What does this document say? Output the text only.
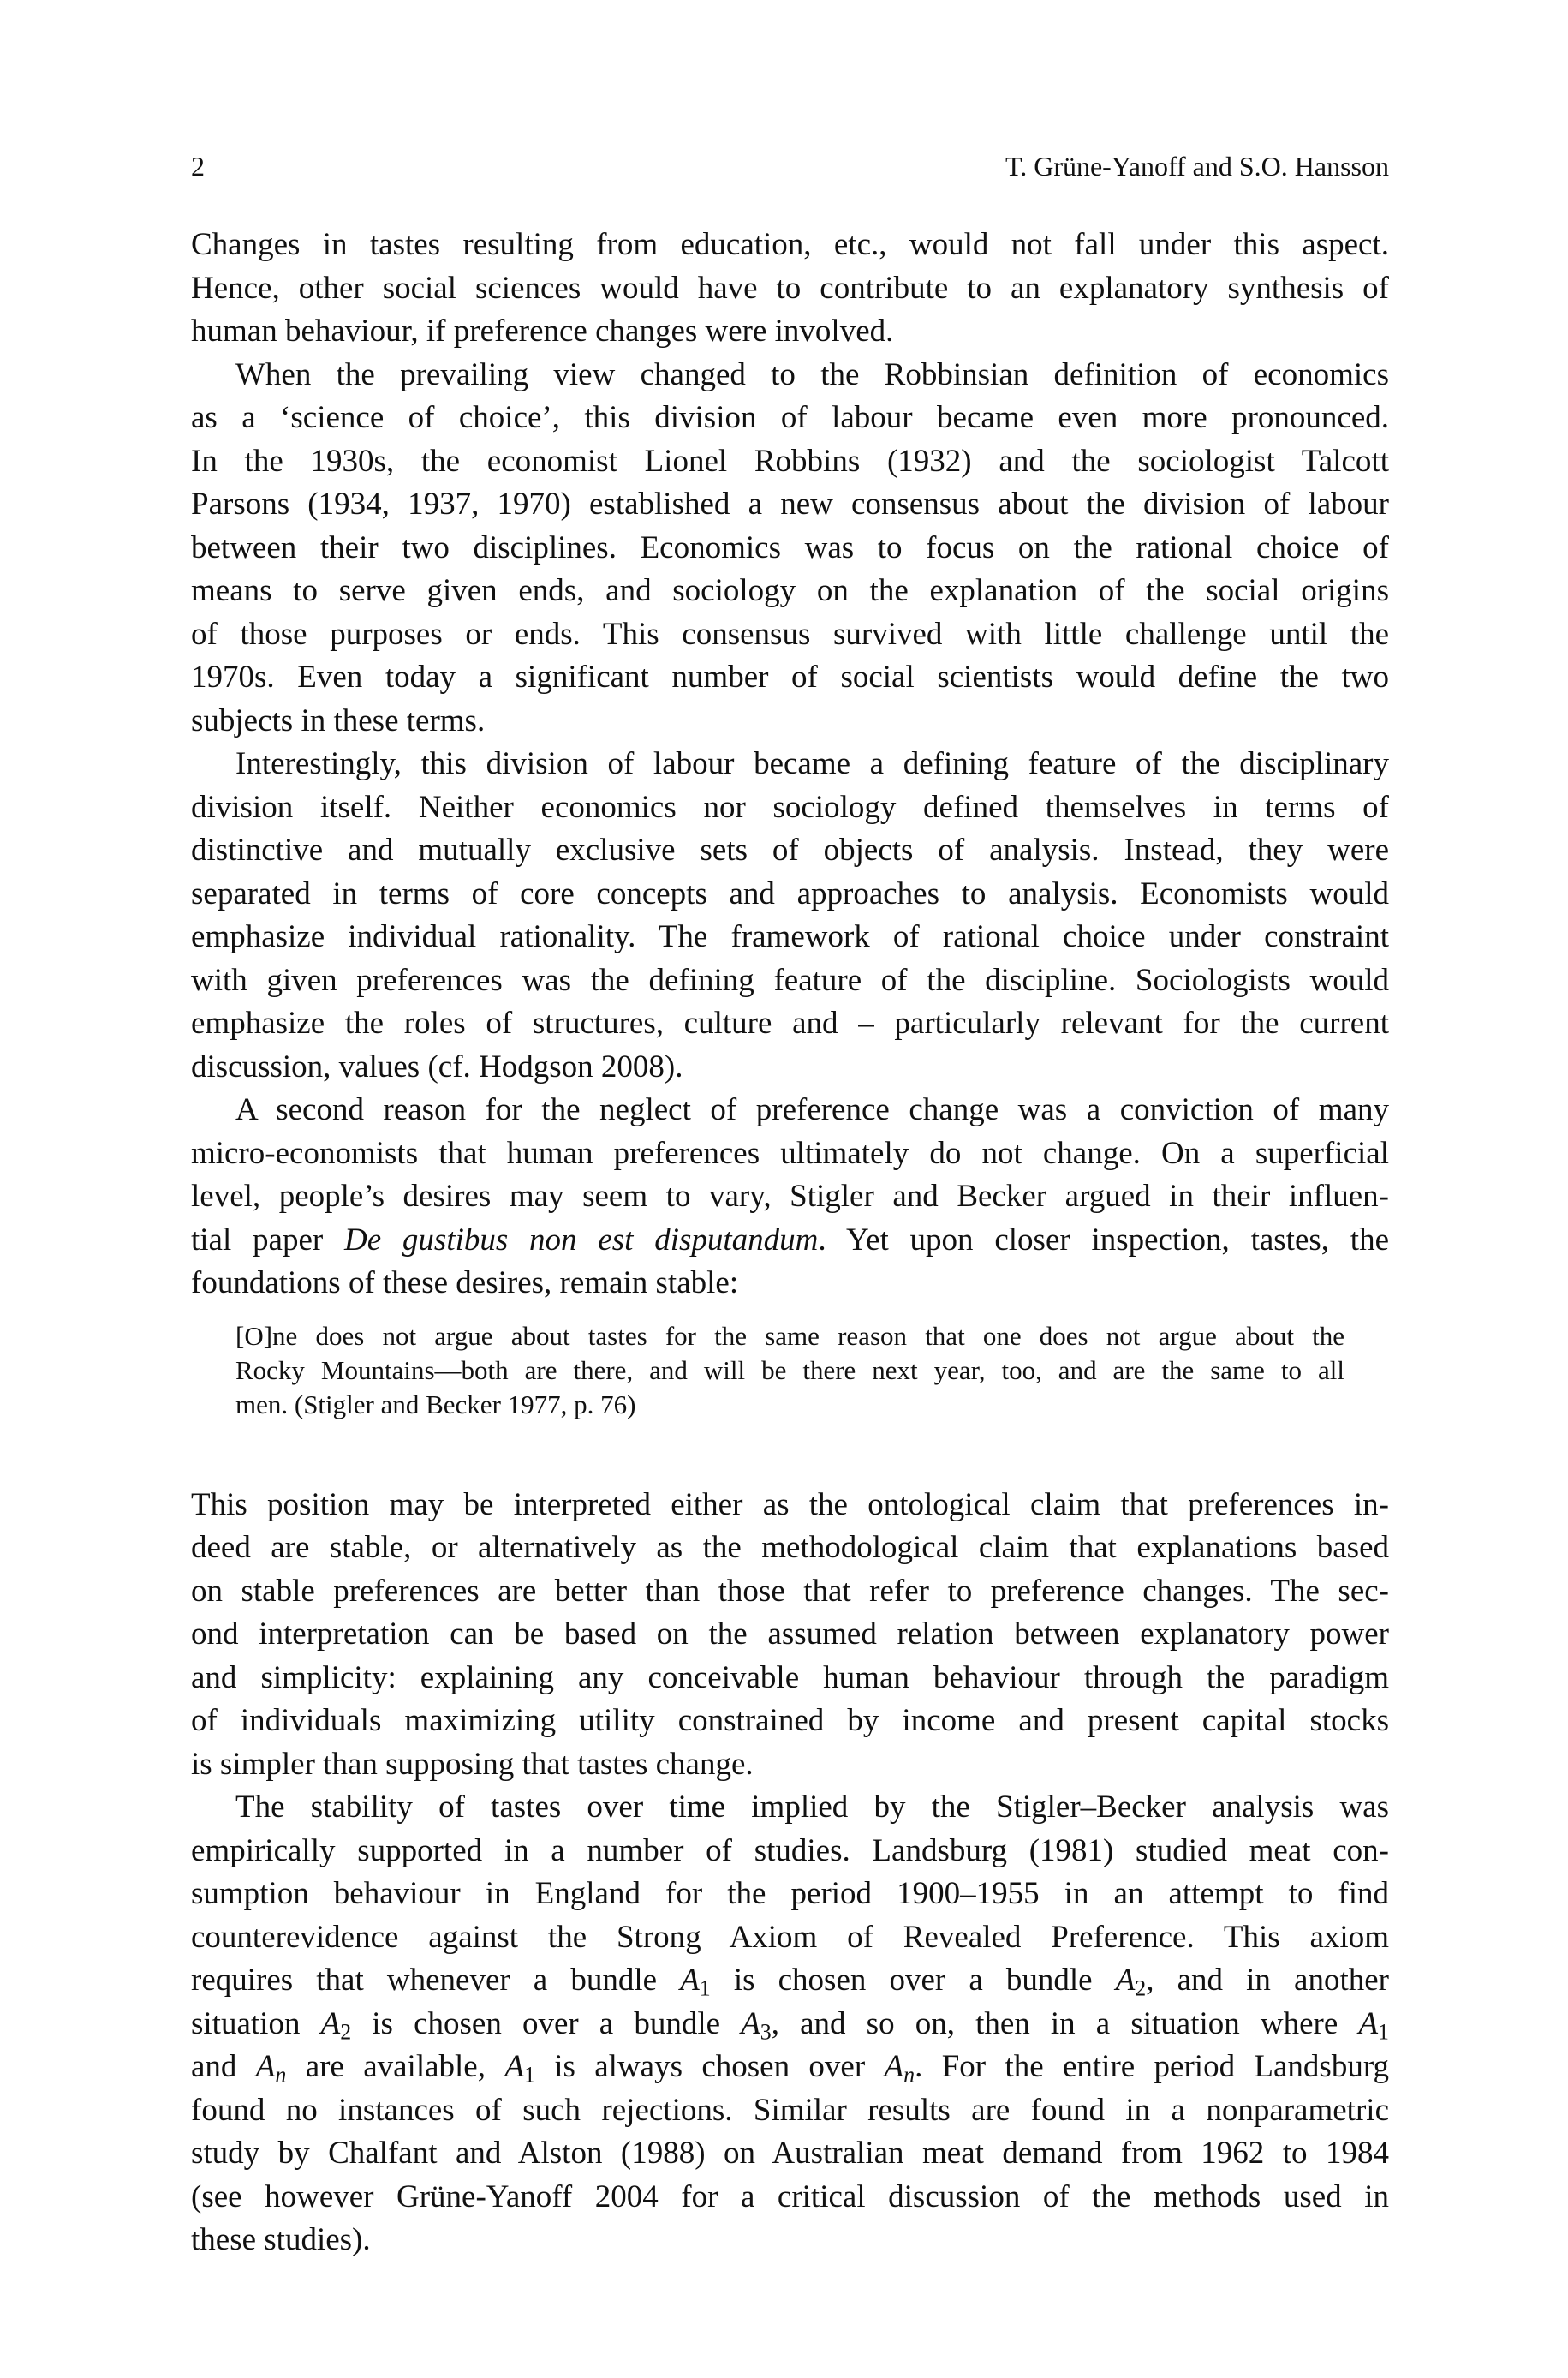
2	T. Grüne-Yanoff and S.O. Hansson
Changes in tastes resulting from education, etc., would not fall under this aspect.
Hence, other social sciences would have to contribute to an explanatory synthesis of
human behaviour, if preference changes were involved.
When the prevailing view changed to the Robbinsian definition of economics
as a ‘science of choice’, this division of labour became even more pronounced.
In the 1930s, the economist Lionel Robbins (1932) and the sociologist Talcott
Parsons (1934, 1937, 1970) established a new consensus about the division of labour
between their two disciplines. Economics was to focus on the rational choice of
means to serve given ends, and sociology on the explanation of the social origins
of those purposes or ends. This consensus survived with little challenge until the
1970s. Even today a significant number of social scientists would define the two
subjects in these terms.
Interestingly, this division of labour became a defining feature of the disciplinary
division itself. Neither economics nor sociology defined themselves in terms of
distinctive and mutually exclusive sets of objects of analysis. Instead, they were
separated in terms of core concepts and approaches to analysis. Economists would
emphasize individual rationality. The framework of rational choice under constraint
with given preferences was the defining feature of the discipline. Sociologists would
emphasize the roles of structures, culture and – particularly relevant for the current
discussion, values (cf. Hodgson 2008).
A second reason for the neglect of preference change was a conviction of many
micro-economists that human preferences ultimately do not change. On a superficial
level, people’s desires may seem to vary, Stigler and Becker argued in their influen-
tial paper De gustibus non est disputandum. Yet upon closer inspection, tastes, the
foundations of these desires, remain stable:
[O]ne does not argue about tastes for the same reason that one does not argue about the
Rocky Mountains—both are there, and will be there next year, too, and are the same to all
men. (Stigler and Becker 1977, p. 76)
This position may be interpreted either as the ontological claim that preferences in-
deed are stable, or alternatively as the methodological claim that explanations based
on stable preferences are better than those that refer to preference changes. The sec-
ond interpretation can be based on the assumed relation between explanatory power
and simplicity: explaining any conceivable human behaviour through the paradigm
of individuals maximizing utility constrained by income and present capital stocks
is simpler than supposing that tastes change.
The stability of tastes over time implied by the Stigler–Becker analysis was
empirically supported in a number of studies. Landsburg (1981) studied meat con-
sumption behaviour in England for the period 1900–1955 in an attempt to find
counterevidence against the Strong Axiom of Revealed Preference. This axiom
requires that whenever a bundle $A_1$ is chosen over a bundle $A_2$, and in another
situation $A_2$ is chosen over a bundle $A_3$, and so on, then in a situation where $A_1$
and $A_n$ are available, $A_1$ is always chosen over $A_n$. For the entire period Landsburg
found no instances of such rejections. Similar results are found in a nonparametric
study by Chalfant and Alston (1988) on Australian meat demand from 1962 to 1984
(see however Grüne-Yanoff 2004 for a critical discussion of the methods used in
these studies).
